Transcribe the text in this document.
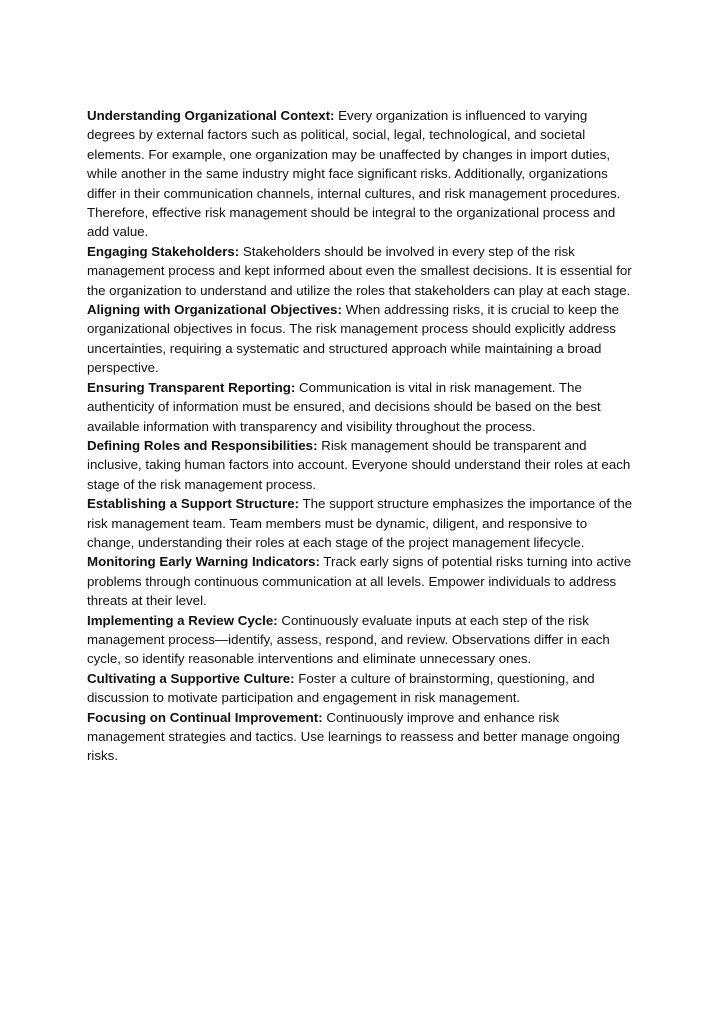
Understanding Organizational Context: Every organization is influenced to varying degrees by external factors such as political, social, legal, technological, and societal elements. For example, one organization may be unaffected by changes in import duties, while another in the same industry might face significant risks. Additionally, organizations differ in their communication channels, internal cultures, and risk management procedures. Therefore, effective risk management should be integral to the organizational process and add value.

Engaging Stakeholders: Stakeholders should be involved in every step of the risk management process and kept informed about even the smallest decisions. It is essential for the organization to understand and utilize the roles that stakeholders can play at each stage.

Aligning with Organizational Objectives: When addressing risks, it is crucial to keep the organizational objectives in focus. The risk management process should explicitly address uncertainties, requiring a systematic and structured approach while maintaining a broad perspective.

Ensuring Transparent Reporting: Communication is vital in risk management. The authenticity of information must be ensured, and decisions should be based on the best available information with transparency and visibility throughout the process.

Defining Roles and Responsibilities: Risk management should be transparent and inclusive, taking human factors into account. Everyone should understand their roles at each stage of the risk management process.

Establishing a Support Structure: The support structure emphasizes the importance of the risk management team. Team members must be dynamic, diligent, and responsive to change, understanding their roles at each stage of the project management lifecycle.

Monitoring Early Warning Indicators: Track early signs of potential risks turning into active problems through continuous communication at all levels. Empower individuals to address threats at their level.

Implementing a Review Cycle: Continuously evaluate inputs at each step of the risk management process—identify, assess, respond, and review. Observations differ in each cycle, so identify reasonable interventions and eliminate unnecessary ones.

Cultivating a Supportive Culture: Foster a culture of brainstorming, questioning, and discussion to motivate participation and engagement in risk management.

Focusing on Continual Improvement: Continuously improve and enhance risk management strategies and tactics. Use learnings to reassess and better manage ongoing risks.
